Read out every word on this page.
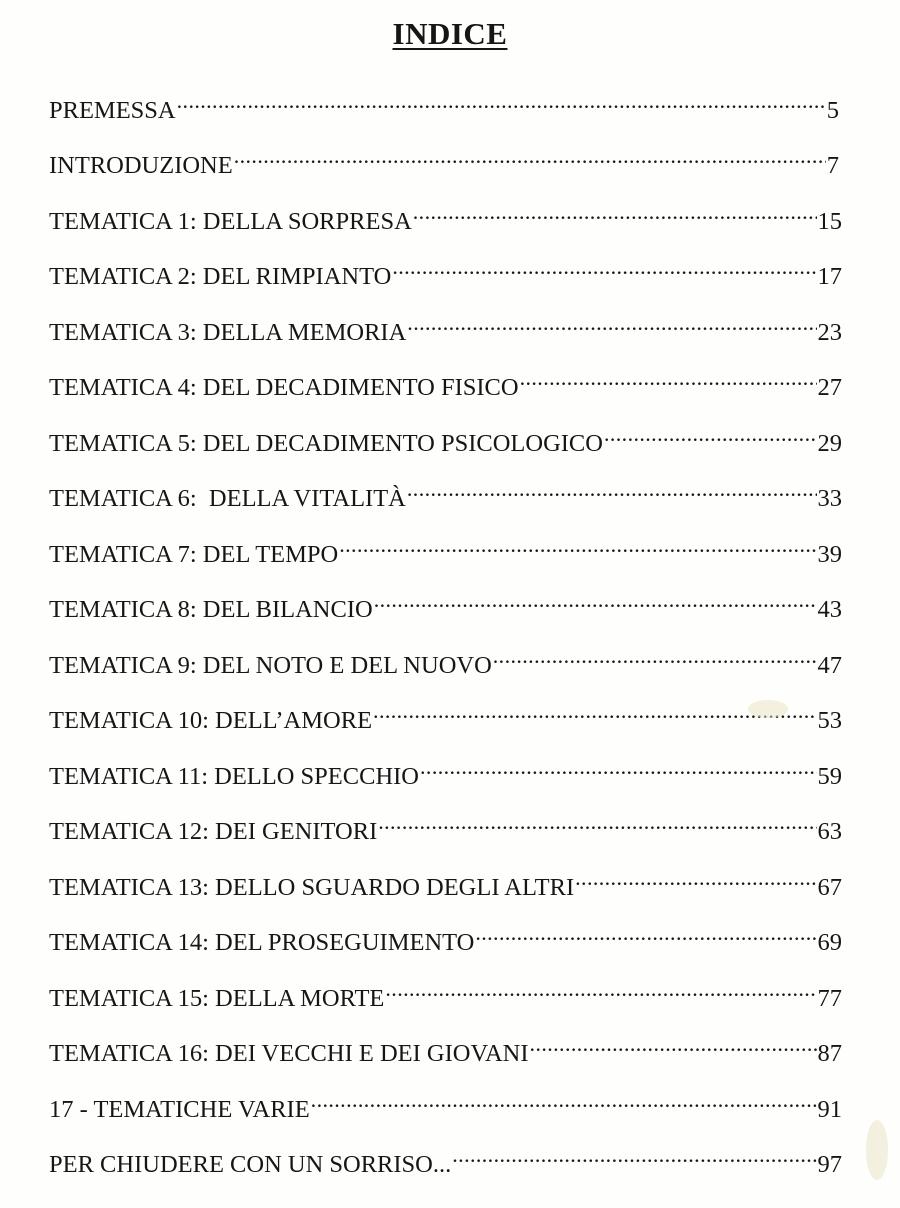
INDICE
PREMESSA .....	5
INTRODUZIONE .....	7
TEMATICA 1: DELLA SORPRESA .....	15
TEMATICA 2: DEL RIMPIANTO .....	17
TEMATICA 3: DELLA MEMORIA .....	23
TEMATICA 4: DEL DECADIMENTO FISICO .....	27
TEMATICA 5: DEL DECADIMENTO PSICOLOGICO .....	29
TEMATICA 6:  DELLA VITALITÀ .....	33
TEMATICA 7: DEL TEMPO .....	39
TEMATICA 8: DEL BILANCIO .....	43
TEMATICA 9: DEL NOTO E DEL NUOVO .....	47
TEMATICA 10: DELL’AMORE .....	53
TEMATICA 11: DELLO SPECCHIO .....	59
TEMATICA 12: DEI GENITORI .....	63
TEMATICA 13: DELLO SGUARDO DEGLI ALTRI .....	67
TEMATICA 14: DEL PROSEGUIMENTO .....	69
TEMATICA 15: DELLA MORTE .....	77
TEMATICA 16: DEI VECCHI E DEI GIOVANI .....	87
17 - TEMATICHE VARIE .....	91
PER CHIUDERE CON UN SORRISO... .....	97
